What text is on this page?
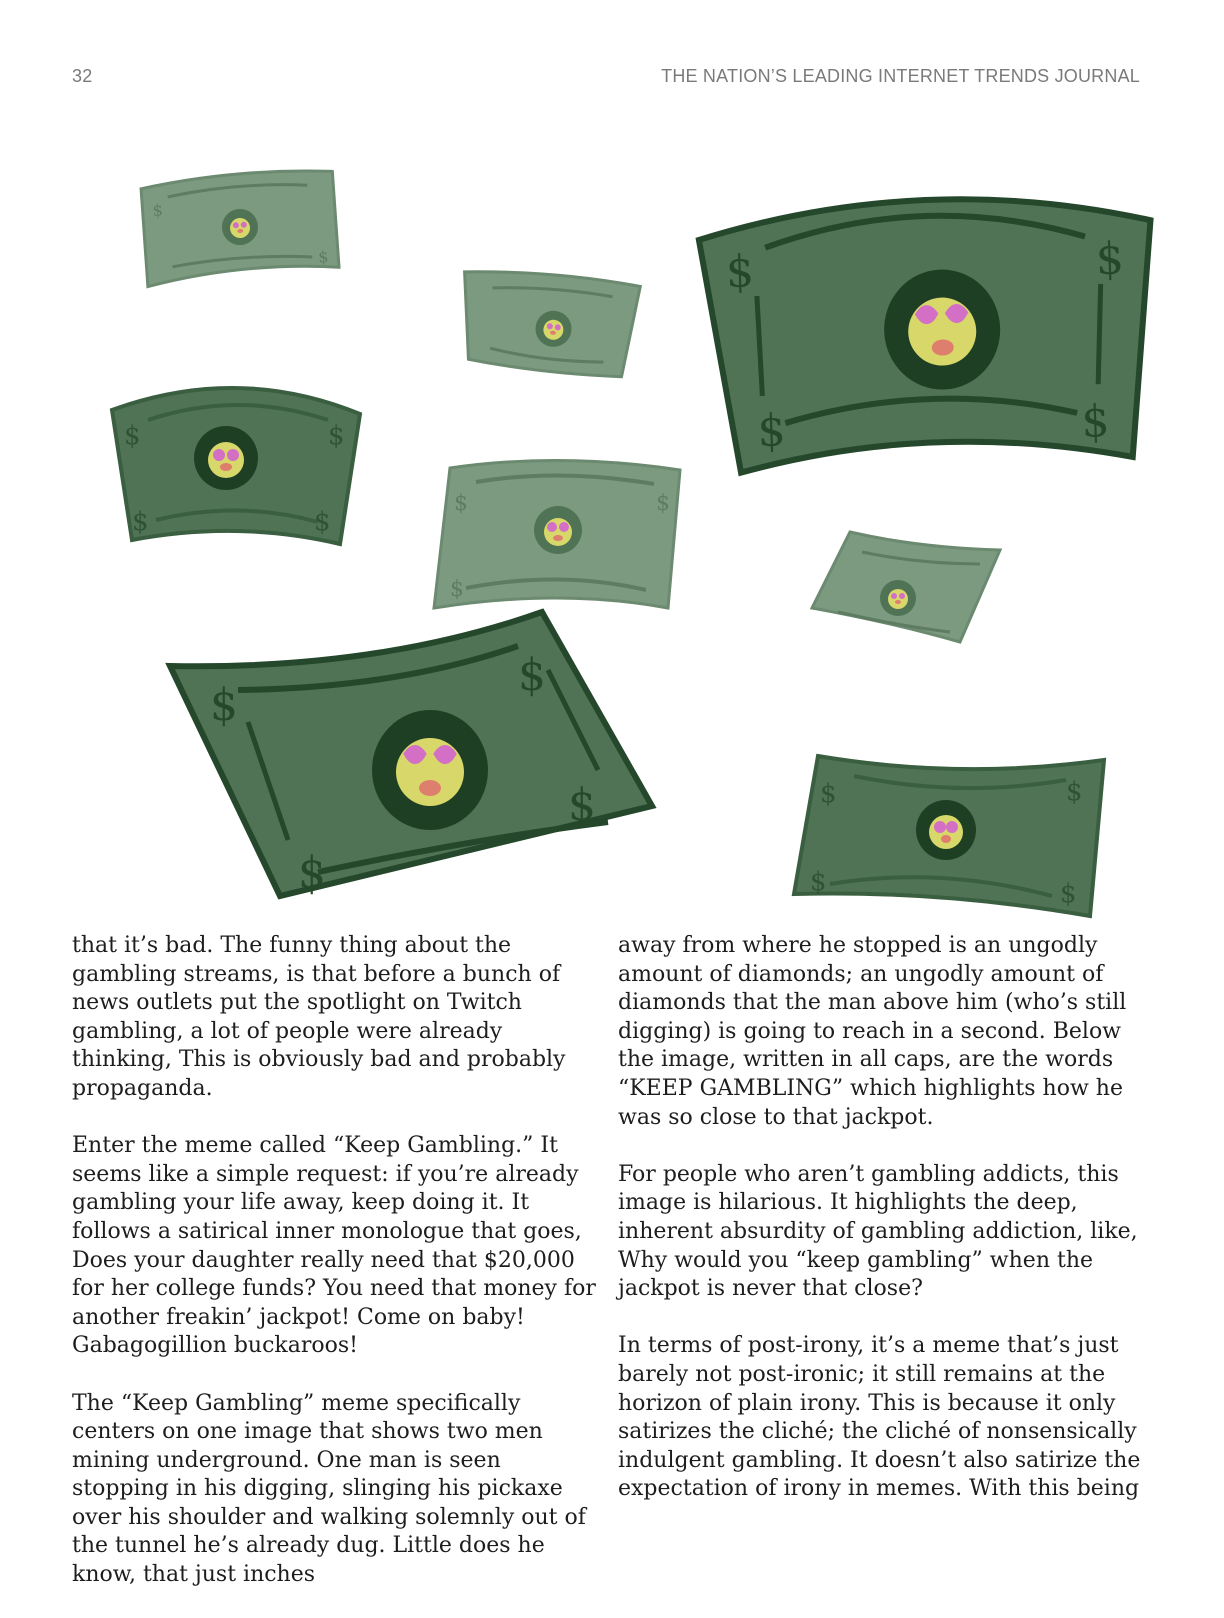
32	THE NATION’S LEADING INTERNET TRENDS JOURNAL
$
$	$	$
$	$
$	$
$	$
$	$
$
$
$
$
$	$	$
$	$

that it’s bad. The funny thing about the gambling streams, is that before a bunch of news outlets put the spotlight on Twitch gambling, a lot of people were already thinking, This is obviously bad and probably propaganda.

Enter the meme called “Keep Gambling.” It seems like a simple request: if you’re already gambling your life away, keep doing it. It follows a satirical inner monologue that goes, Does your daughter really need that $20,000 for her college funds? You need that money for another freakin’ jackpot! Come on baby! Gabagogillion buckaroos!

The “Keep Gambling” meme specifically centers on one image that shows two men mining underground. One man is seen stopping in his digging, slinging his pickaxe over his shoulder and walking solemnly out of the tunnel he’s already dug. Little does he know, that just inches

away from where he stopped is an ungodly amount of diamonds; an ungodly amount of diamonds that the man above him (who’s still digging) is going to reach in a second. Below the image, written in all caps, are the words “KEEP GAMBLING” which highlights how he was so close to that jackpot.

For people who aren’t gambling addicts, this image is hilarious. It highlights the deep, inherent absurdity of gambling addiction, like, Why would you “keep gambling” when the jackpot is never that close?

In terms of post-irony, it’s a meme that’s just barely not post-ironic; it still remains at the horizon of plain irony. This is because it only satirizes the cliché; the cliché of nonsensically indulgent gambling. It doesn’t also satirize the expectation of irony in memes. With this being
